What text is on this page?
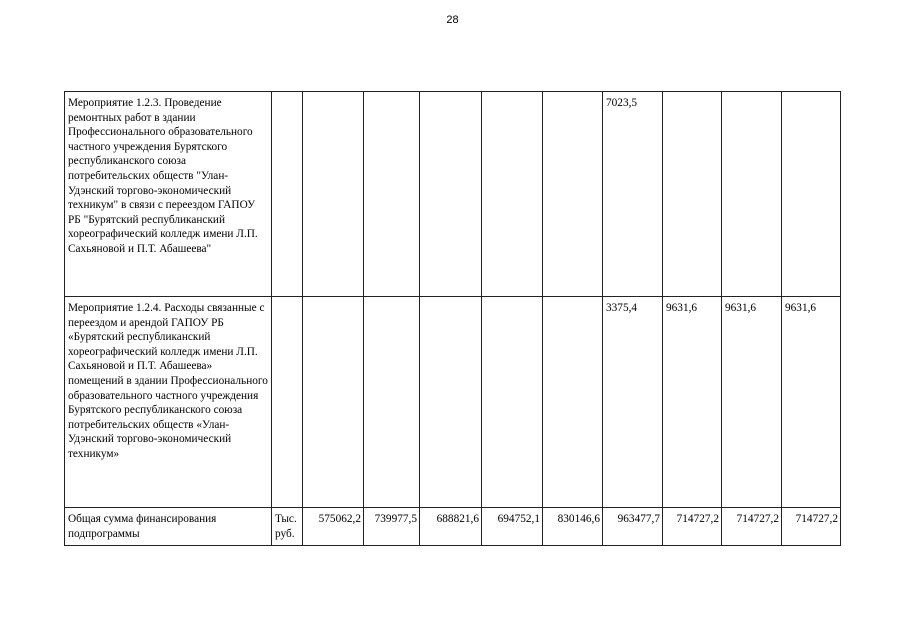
28
Мероприятие 1.2.3. Проведение ремонтных работ в здании Профессионального образовательного частного учреждения Бурятского республиканского союза потребительских обществ "Улан-Удэнский торгово-экономический техникум" в связи с переездом ГАПОУ РБ "Бурятский республиканский хореографический колледж имени Л.П. Сахьяновой и П.Т. Абашеева"							7023,5			
Мероприятие 1.2.4. Расходы связанные с переездом и арендой ГАПОУ РБ «Бурятский республиканский хореографический колледж имени Л.П. Сахьяновой и П.Т. Абашеева» помещений в здании Профессионального образовательного частного учреждения Бурятского республиканского союза потребительских обществ «Улан-Удэнский торгово-экономический техникум»							3375,4	9631,6	9631,6	9631,6
Общая сумма финансирования подпрограммы	Тыс. руб.	575062,2	739977,5	688821,6	694752,1	830146,6	963477,7	714727,2	714727,2	714727,2
